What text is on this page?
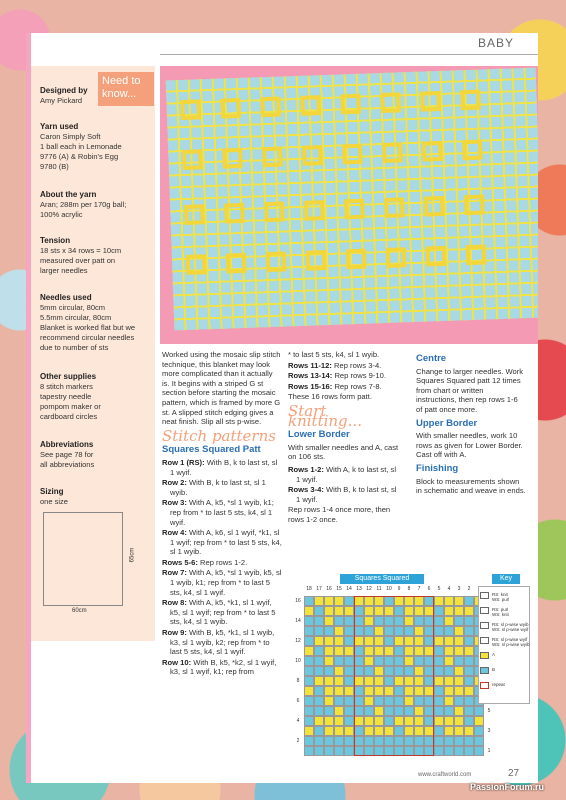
BABY
Need to know...
Designed by
Amy Pickard
Yarn used
Caron Simply Soft
1 ball each in Lemonade
9776 (A) & Robin's Egg
9780 (B)
About the yarn
Aran; 288m per 170g ball;
100% acrylic
Tension
18 sts x 34 rows = 10cm
measured over patt on
larger needles
Needles used
5mm circular, 80cm
5.5mm circular, 80cm
Blanket is worked flat but we
recommend circular needles
due to number of sts
Other supplies
8 stitch markers
tapestry needle
pompom maker or
cardboard circles
Abbreviations
See page 78 for
all abbreviations
Sizing
one size
60cm
65cm

Worked using the mosaic slip stitch technique, this blanket may look more complicated than it actually is. It begins with a striped G st section before starting the mosaic pattern, which is framed by more G st. A slipped stitch edging gives a neat finish. Slip all sts p-wise.

Stitch patterns
Squares Squared Patt
Row 1 (RS): With B, k to last st, sl 1 wyif.
Row 2: With B, k to last st, sl 1 wyib.
Row 3: With A, k5, *sl 1 wyib, k1; rep from * to last 5 sts, k4, sl 1 wyif.
Row 4: With A, k6, sl 1 wyif, *k1, sl 1 wyif; rep from * to last 5 sts, k4, sl 1 wyib.
Rows 5-6: Rep rows 1-2.
Row 7: With A, k5, *sl 1 wyib, k5, sl 1 wyib, k1; rep from * to last 5 sts, k4, sl 1 wyif.
Row 8: With A, k5, *k1, sl 1 wyif, k5, sl 1 wyif; rep from * to last 5 sts, k4, sl 1 wyib.
Row 9: With B, k5, *k1, sl 1 wyib, k3, sl 1 wyib, k2; rep from * to last 5 sts, k4, sl 1 wyif.
Row 10: With B, k5, *k2, sl 1 wyif, k3, sl 1 wyif, k1; rep from
* to last 5 sts, k4, sl 1 wyib.
Rows 11-12: Rep rows 3-4.
Rows 13-14: Rep rows 9-10.
Rows 15-16: Rep rows 7-8.

These 16 rows form patt.

Start knitting...
Lower Border

With smaller needles and A, cast on 106 sts.

Rows 1-2: With A, k to last st, sl 1 wyif.
Rows 3-4: With B, k to last st, sl 1 wyif.

Rep rows 1-4 once more, then rows 1-2 once.

Centre

Change to larger needles. Work Squares Squared patt 12 times from chart or written instructions, then rep rows 1-6 of patt once more.

Upper Border

With smaller needles, work 10 rows as given for Lower Border. Cast off with A.

Finishing

Block to measurements shown in schematic and weave in ends.

Squares Squared	Key
18 17 16 15 14 13 12 11 10	9	8	7	6	5	4	3	2
16
14
12
10
8
6
5
4
3
2
1
RS: knit
WS: purl
RS: purl
WS: knit
RS: sl p-wise wyib
WS: sl p-wise wyif
RS: sl p-wise wyif
WS: sl p-wise wyib
A
B
repeat
www.craftworld.com	27
PassionForum.ru
